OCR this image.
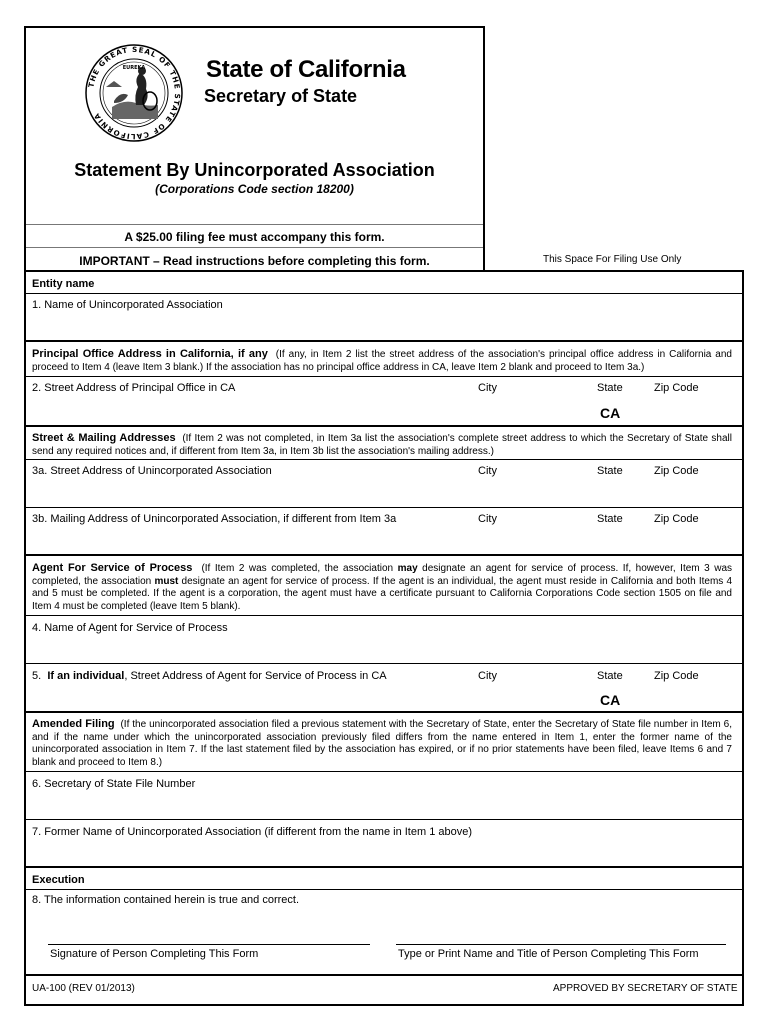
THE GREAT SEAL OF THE STATE OF CALIFORNIA
EUREKA	State of California
Secretary of State
Statement By Unincorporated Association
(Corporations Code section 18200)
A $25.00 filing fee must accompany this form.
IMPORTANT – Read instructions before completing this form.	This Space For Filing Use Only
Entity name
1. Name of Unincorporated Association
Principal Office Address in California, if any (If any, in Item 2 list the street address of the association's principal office address in California and proceed to Item 4 (leave Item 3 blank.) If the association has no principal office address in CA, leave Item 2 blank and proceed to Item 3a.)
2. Street Address of Principal Office in CA	City	State	Zip Code
CA
Street & Mailing Addresses (If Item 2 was not completed, in Item 3a list the association's complete street address to which the Secretary of State shall send any required notices and, if different from Item 3a, in Item 3b list the association's mailing address.)
3a. Street Address of Unincorporated Association	City	State	Zip Code
3b. Mailing Address of Unincorporated Association, if different from Item 3a	City	State	Zip Code
Agent For Service of Process (If Item 2 was completed, the association may designate an agent for service of process. If, however, Item 3 was completed, the association must designate an agent for service of process. If the agent is an individual, the agent must reside in California and both Items 4 and 5 must be completed. If the agent is a corporation, the agent must have a certificate pursuant to California Corporations Code section 1505 on file and Item 4 must be completed (leave Item 5 blank).
4. Name of Agent for Service of Process
5. If an individual, Street Address of Agent for Service of Process in CA	City	State	Zip Code
CA
Amended Filing (If the unincorporated association filed a previous statement with the Secretary of State, enter the Secretary of State file number in Item 6, and if the name under which the unincorporated association previously filed differs from the name entered in Item 1, enter the former name of the unincorporated association in Item 7. If the last statement filed by the association has expired, or if no prior statements have been filed, leave Items 6 and 7 blank and proceed to Item 8.)
6. Secretary of State File Number
7. Former Name of Unincorporated Association (if different from the name in Item 1 above)
Execution
8. The information contained herein is true and correct.
Signature of Person Completing This Form	Type or Print Name and Title of Person Completing This Form
UA-100 (REV 01/2013)	APPROVED BY SECRETARY OF STATE
